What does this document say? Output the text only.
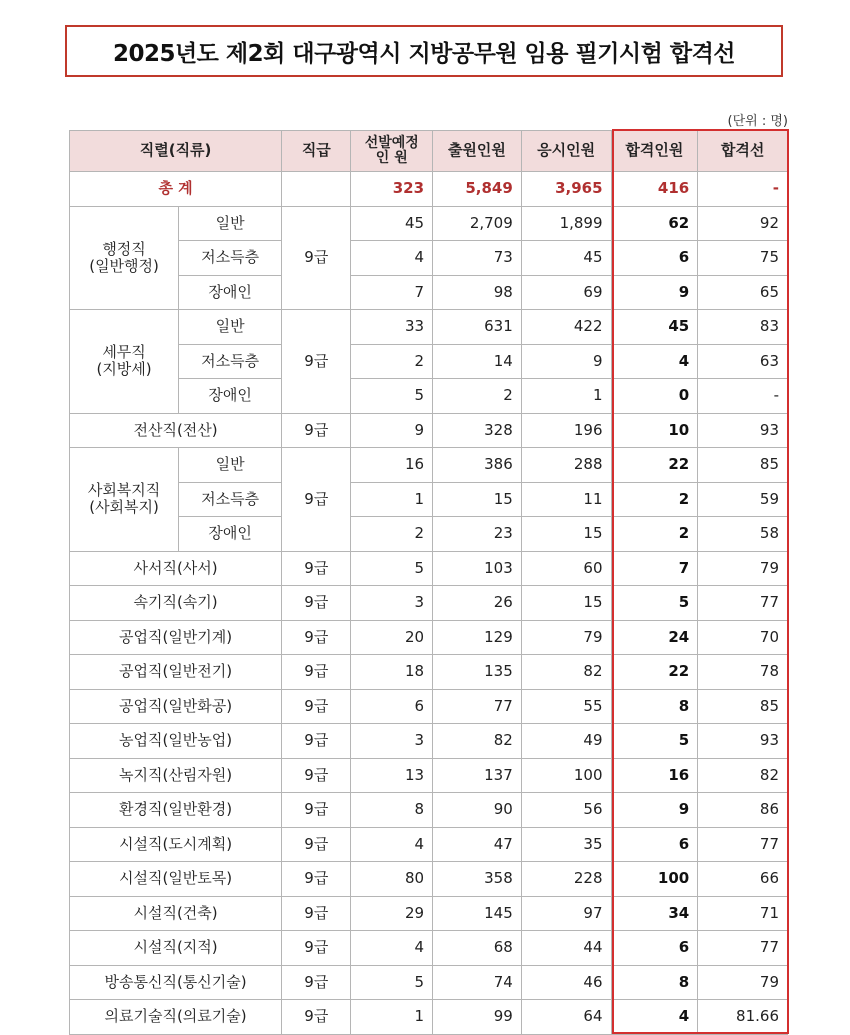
2025년도 제2회 대구광역시 지방공무원 임용 필기시험 합격선
(단위 : 명)
직렬(직류)		직급	선발예정
인 원	출원인원	응시인원	합격인원	합격선
총 계			323	5,849	3,965	416	-
행정직
(일반행정)	일반	9급	45	2,709	1,899	62	92
	저소득층		4	73	45	6	75
	장애인		7	98	69	9	65
세무직
(지방세)	일반	9급	33	631	422	45	83
	저소득층		2	14	9	4	63
	장애인		5	2	1	0	-
전산직(전산)		9급	9	328	196	10	93
사회복지직
(사회복지)	일반	9급	16	386	288	22	85
	저소득층		1	15	11	2	59
	장애인		2	23	15	2	58
사서직(사서)		9급	5	103	60	7	79
속기직(속기)		9급	3	26	15	5	77
공업직(일반기계)		9급	20	129	79	24	70
공업직(일반전기)		9급	18	135	82	22	78
공업직(일반화공)		9급	6	77	55	8	85
농업직(일반농업)		9급	3	82	49	5	93
녹지직(산림자원)		9급	13	137	100	16	82
환경직(일반환경)		9급	8	90	56	9	86
시설직(도시계획)		9급	4	47	35	6	77
시설직(일반토목)		9급	80	358	228	100	66
시설직(건축)		9급	29	145	97	34	71
시설직(지적)		9급	4	68	44	6	77
방송통신직(통신기술)		9급	5	74	46	8	79
의료기술직(의료기술)		9급	1	99	64	4	81.66
